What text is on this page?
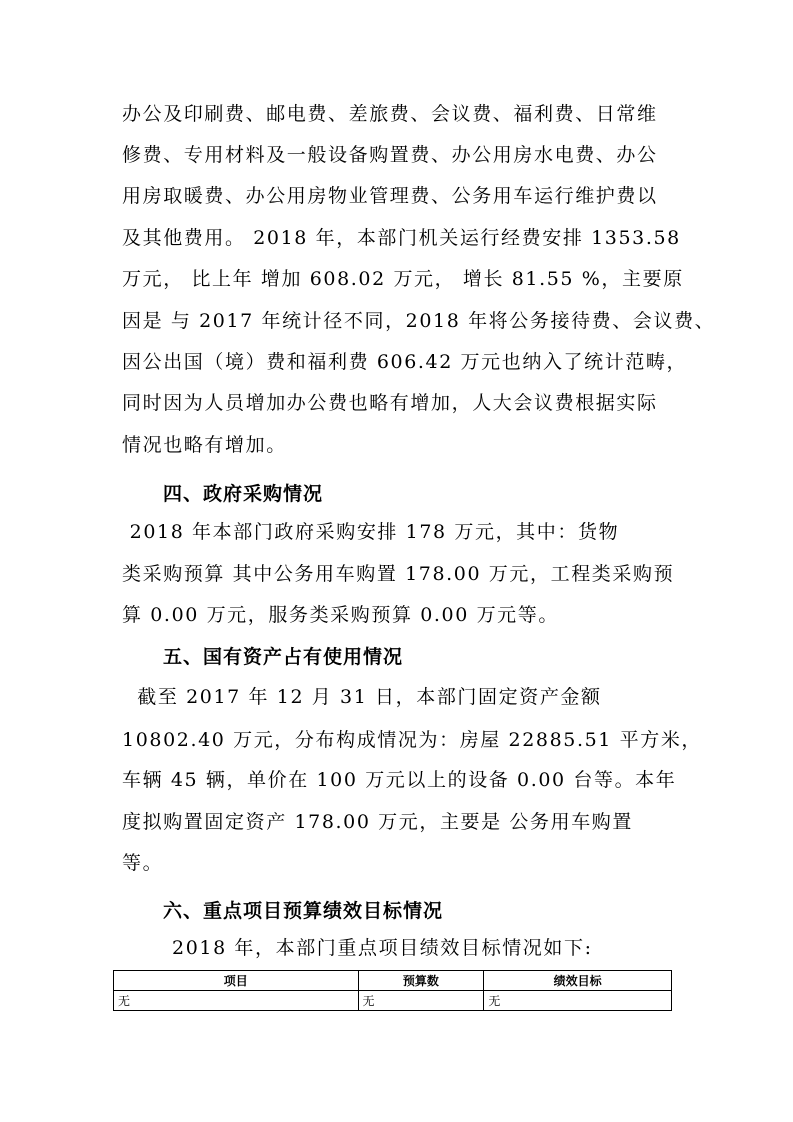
办公及印刷费、邮电费、差旅费、会议费、福利费、日常维
修费、专用材料及一般设备购置费、办公用房水电费、办公
用房取暖费、办公用房物业管理费、公务用车运行维护费以
及其他费用。 2018 年，本部门机关运行经费安排 1353.58
万元， 比上年 增加 608.02 万元， 增长 81.55 %，主要原
因是 与 2017 年统计径不同，2018 年将公务接待费、会议费、
因公出国（境）费和福利费 606.42 万元也纳入了统计范畴，
同时因为人员增加办公费也略有增加，人大会议费根据实际
情况也略有增加。
四、政府采购情况
2018 年本部门政府采购安排 178 万元，其中：货物
类采购预算 其中公务用车购置 178.00 万元，工程类采购预
算 0.00 万元，服务类采购预算 0.00 万元等。
五、国有资产占有使用情况
截至 2017 年 12 月 31 日，本部门固定资产金额
10802.40 万元，分布构成情况为：房屋 22885.51 平方米，
车辆 45 辆，单价在 100 万元以上的设备 0.00 台等。本年
度拟购置固定资产 178.00 万元，主要是 公务用车购置
等。
六、重点项目预算绩效目标情况
2018 年，本部门重点项目绩效目标情况如下:
项目	预算数	绩效目标
无	无	无
